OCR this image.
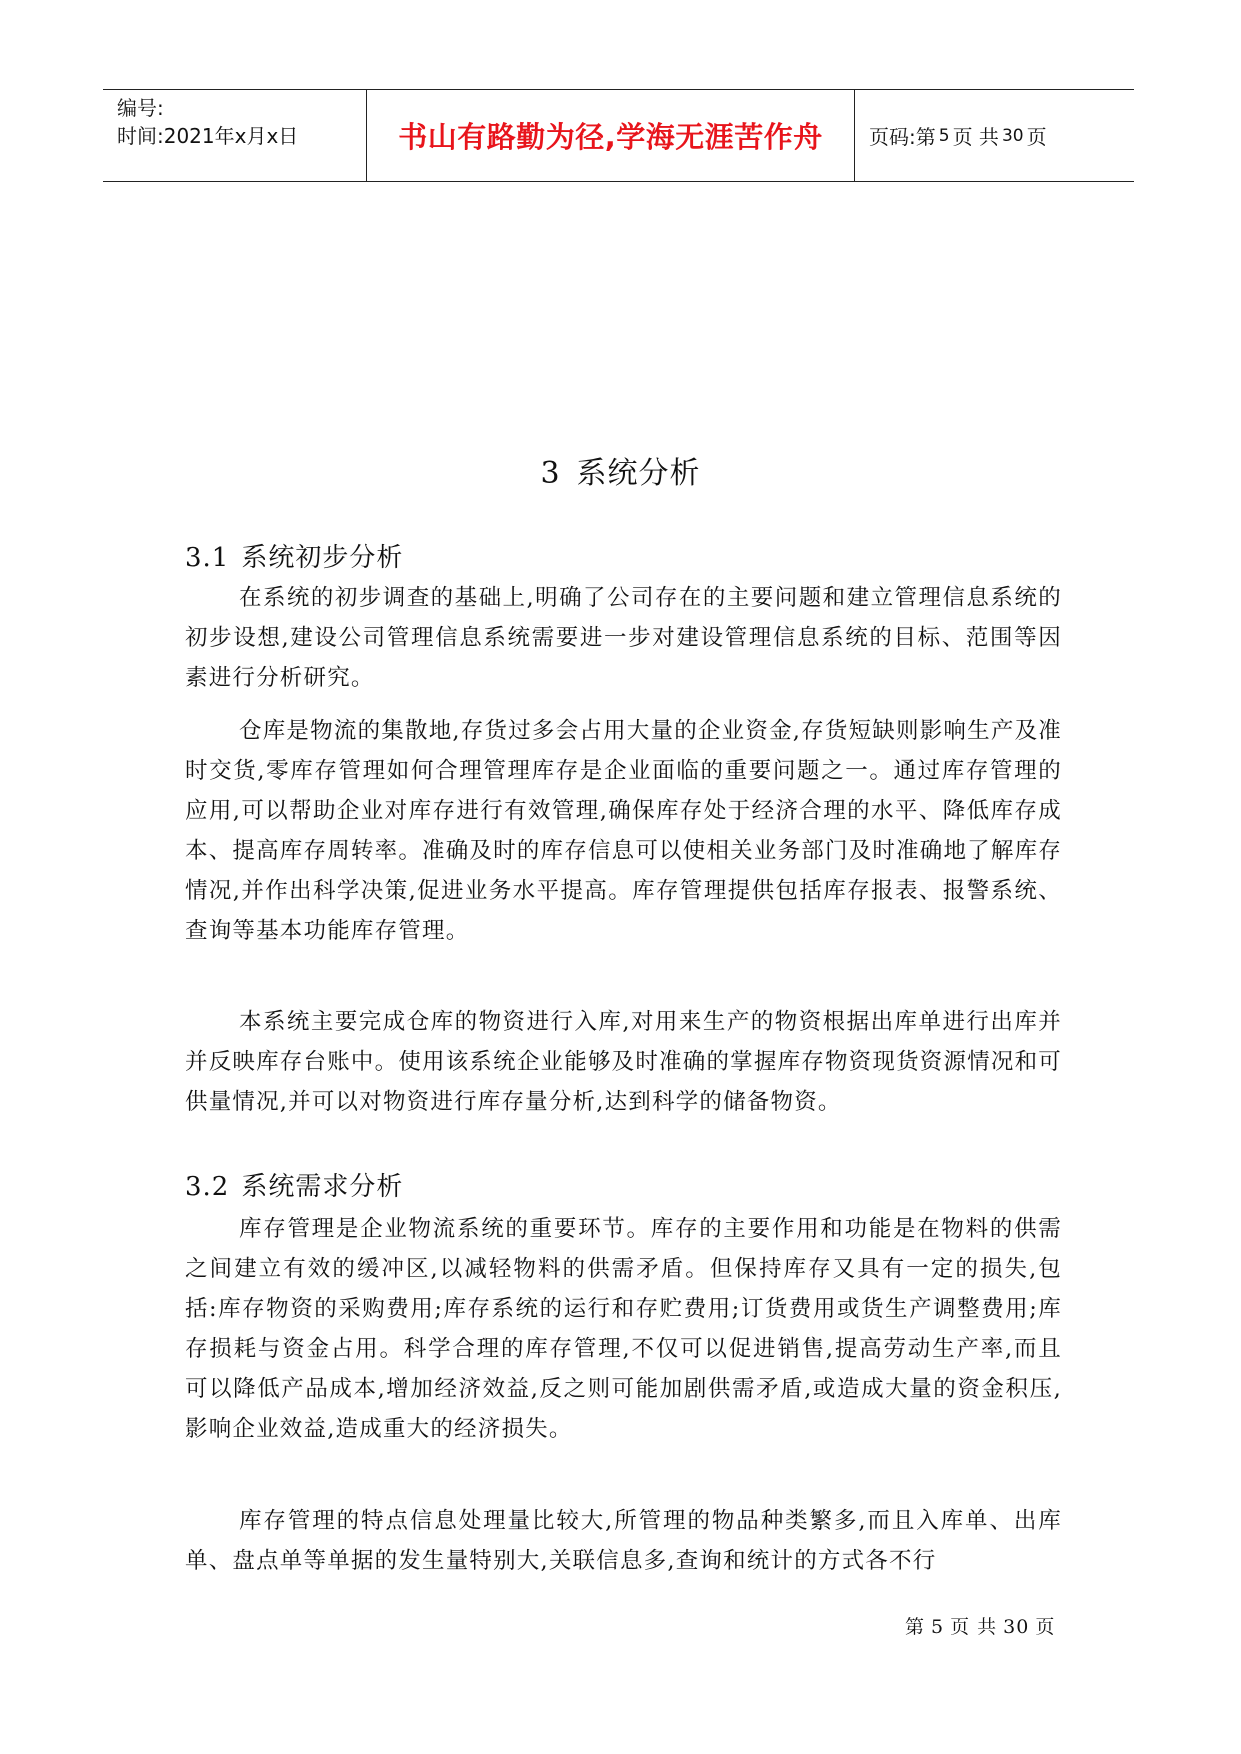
编号:
时间:2021年x月x日	书山有路勤为径,学海无涯苦作舟 页码:第 5 页 共 30 页
3 系统分析
3.1 系统初步分析

在系统的初步调查的基础上,明确了公司存在的主要问题和建立管理信息系统的初步设想,建设公司管理信息系统需要进一步对建设管理信息系统的目标、范围等因素进行分析研究。

仓库是物流的集散地,存货过多会占用大量的企业资金,存货短缺则影响生产及准时交货,零库存管理如何合理管理库存是企业面临的重要问题之一。通过库存管理的应用,可以帮助企业对库存进行有效管理,确保库存处于经济合理的水平、降低库存成本、提高库存周转率。准确及时的库存信息可以使相关业务部门及时准确地了解库存情况,并作出科学决策,促进业务水平提高。库存管理提供包括库存报表、报警系统、查询等基本功能库存管理。

本系统主要完成仓库的物资进行入库,对用来生产的物资根据出库单进行出库并并反映库存台账中。使用该系统企业能够及时准确的掌握库存物资现货资源情况和可供量情况,并可以对物资进行库存量分析,达到科学的储备物资。

3.2 系统需求分析

库存管理是企业物流系统的重要环节。库存的主要作用和功能是在物料的供需之间建立有效的缓冲区,以减轻物料的供需矛盾。但保持库存又具有一定的损失,包括:库存物资的采购费用;库存系统的运行和存贮费用;订货费用或货生产调整费用;库存损耗与资金占用。科学合理的库存管理,不仅可以促进销售,提高劳动生产率,而且可以降低产品成本,增加经济效益,反之则可能加剧供需矛盾,或造成大量的资金积压,影响企业效益,造成重大的经济损失。

库存管理的特点信息处理量比较大,所管理的物品种类繁多,而且入库单、出库单、盘点单等单据的发生量特别大,关联信息多,查询和统计的方式各不行

第 5 页 共 30 页
